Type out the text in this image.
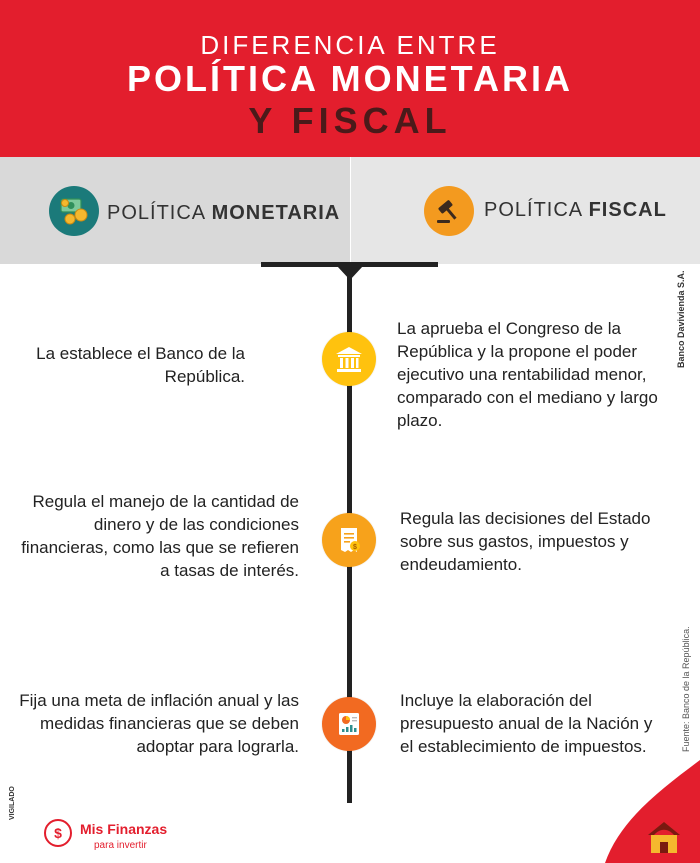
DIFERENCIA ENTRE
POLÍTICA MONETARIA
Y FISCAL
POLÍTICA MONETARIA	POLÍTICA FISCAL
$
La establece el Banco de la República.
La aprueba el Congreso de la República y la propone el poder ejecutivo una rentabilidad menor, comparado con el mediano y largo plazo.
Regula el manejo de la cantidad de dinero y de las condiciones financieras, como las que se refieren a tasas de interés.
Regula las decisiones del Estado sobre sus gastos, impuestos y endeudamiento.
Fija una meta de inflación anual y las medidas financieras que se deben adoptar para lograrla.
Incluye la elaboración del presupuesto anual de la Nación y el establecimiento de impuestos.
Banco Davivienda S.A.
Fuente: Banco de la República.
VIGILADO
$	Mis Finanzas
para invertir
